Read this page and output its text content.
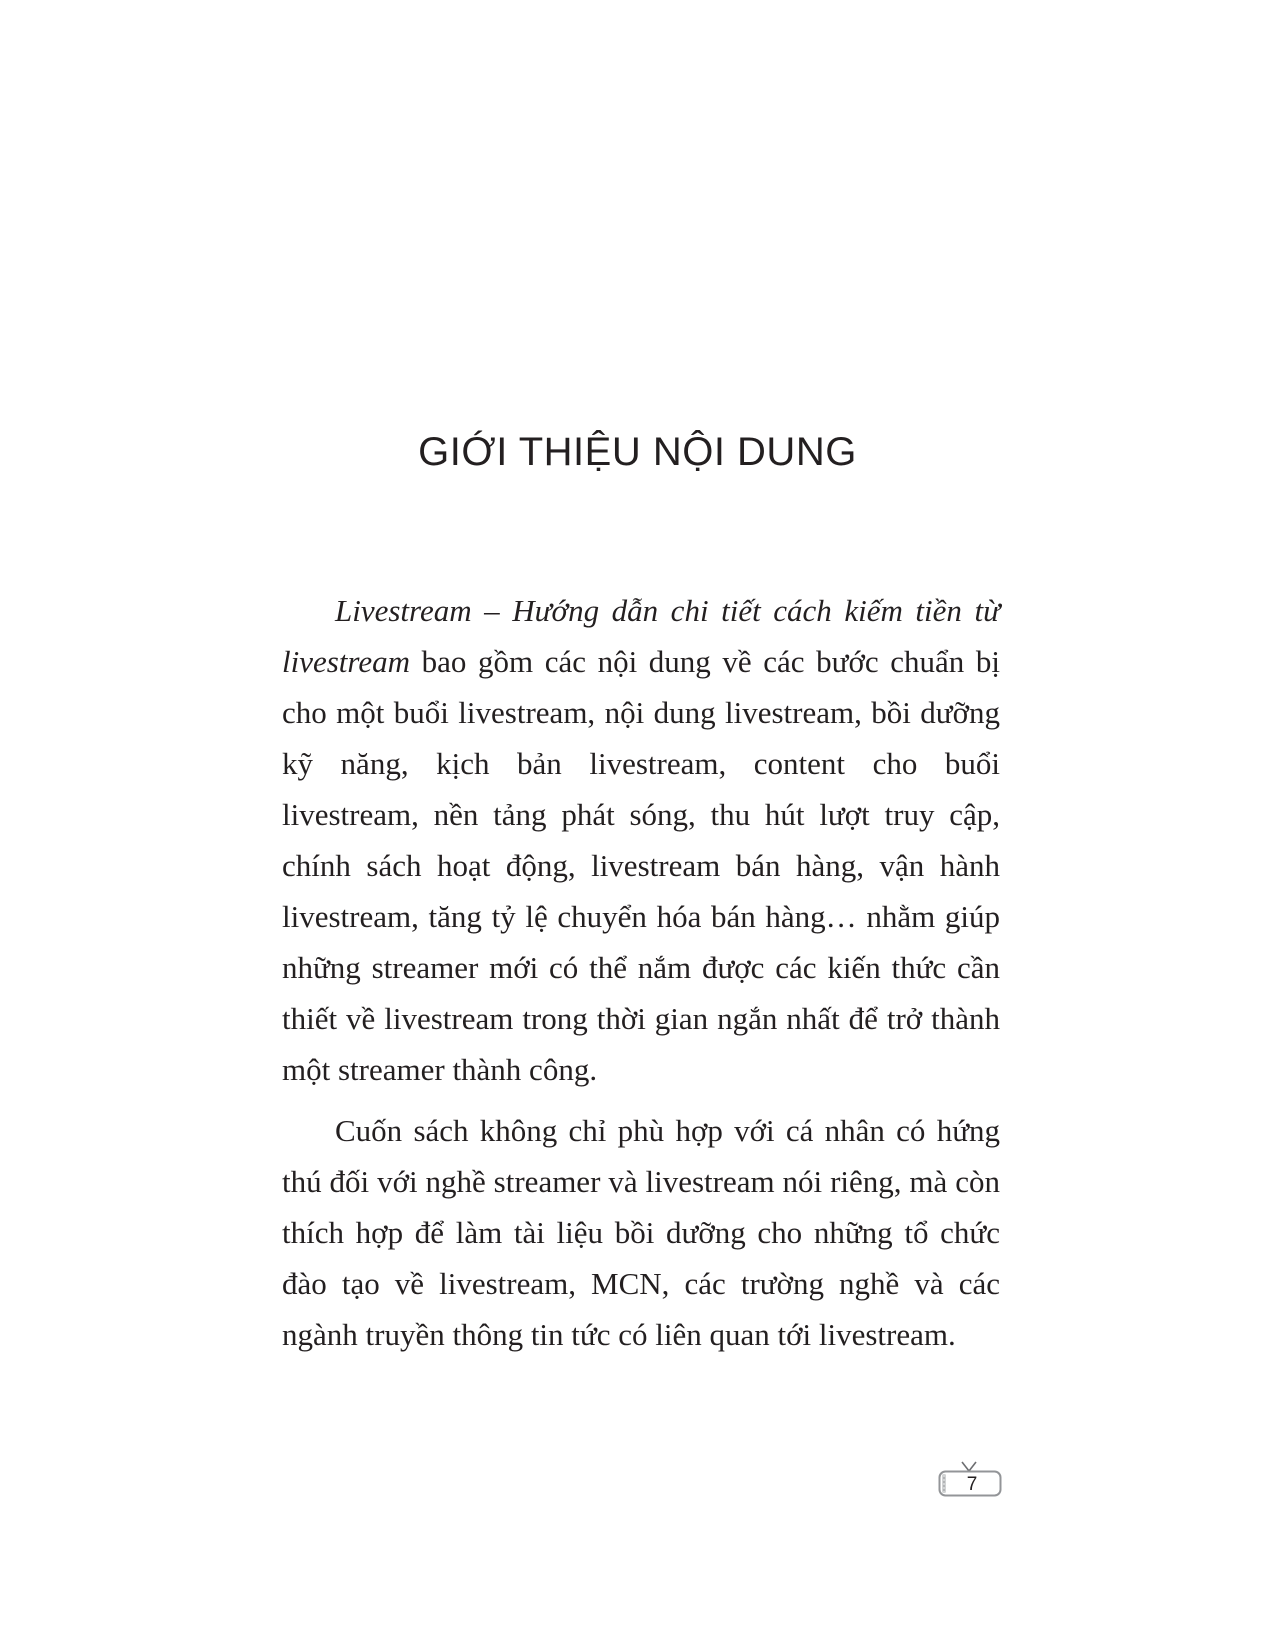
GIỚI THIỆU NỘI DUNG

Livestream – Hướng dẫn chi tiết cách kiếm tiền từ livestream bao gồm các nội dung về các bước chuẩn bị cho một buổi livestream, nội dung livestream, bồi dưỡng kỹ năng, kịch bản livestream, content cho buổi livestream, nền tảng phát sóng, thu hút lượt truy cập, chính sách hoạt động, livestream bán hàng, vận hành livestream, tăng tỷ lệ chuyển hóa bán hàng… nhằm giúp những streamer mới có thể nắm được các kiến thức cần thiết về livestream trong thời gian ngắn nhất để trở thành một streamer thành công.

Cuốn sách không chỉ phù hợp với cá nhân có hứng thú đối với nghề streamer và livestream nói riêng, mà còn thích hợp để làm tài liệu bồi dưỡng cho những tổ chức đào tạo về livestream, MCN, các trường nghề và các ngành truyền thông tin tức có liên quan tới livestream.

7
